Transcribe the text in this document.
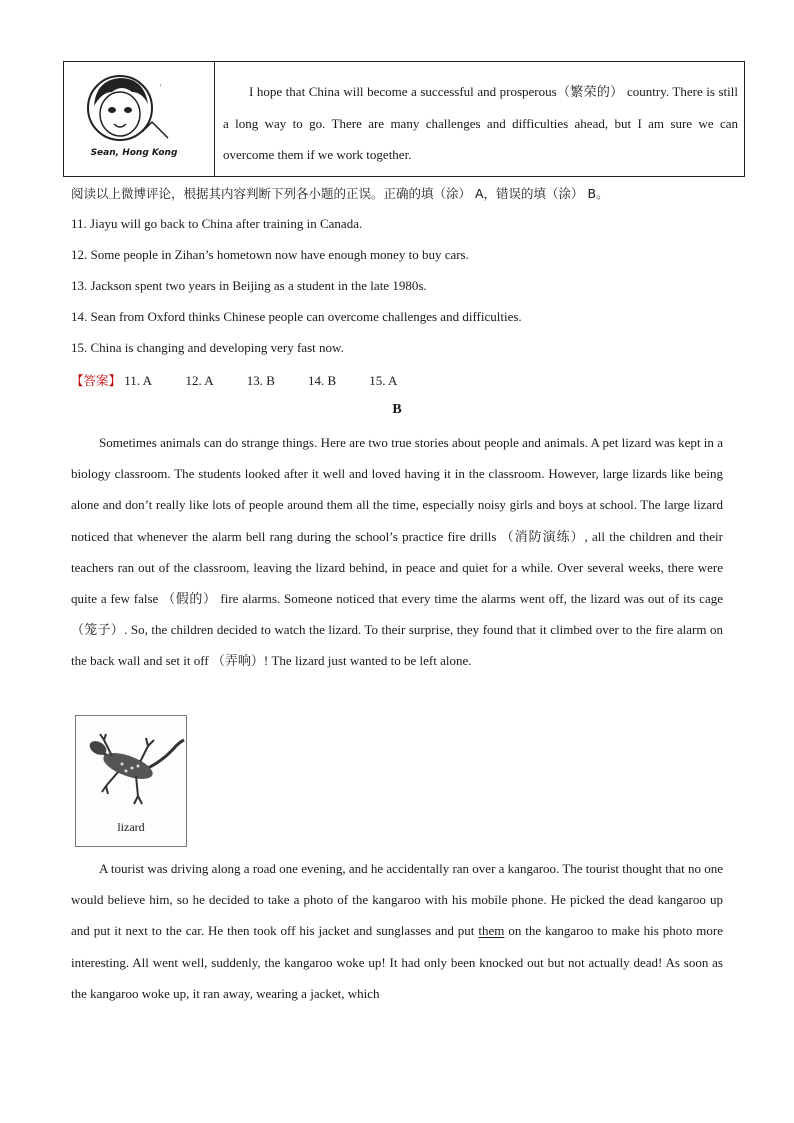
'
Sean, Hong Kong
I hope that China will become a successful and prosperous（繁荣的） country. There is still a long way to go. There are many challenges and difficulties ahead, but I am sure we can overcome them if we work together.
阅读以上微博评论，根据其内容判断下列各小题的正误。正确的填（涂） A，错误的填（涂） B。
11. Jiayu will go back to China after training in Canada.
12. Some people in Zihan’s hometown now have enough money to buy cars.
13. Jackson spent two years in Beijing as a student in the late 1980s.
14. Sean from Oxford thinks Chinese people can overcome challenges and difficulties.
15. China is changing and developing very fast now.
【答案】 11. A	12. A	13. B	14. B	15. A
B
Sometimes animals can do strange things. Here are two true stories about people and animals. A pet lizard was kept in a biology classroom. The students looked after it well and loved having it in the classroom. However, large lizards like being alone and don’t really like lots of people around them all the time, especially noisy girls and boys at school. The large lizard noticed that whenever the alarm bell rang during the school’s practice fire drills （消防演练）, all the children and their teachers ran out of the classroom, leaving the lizard behind, in peace and quiet for a while. Over several weeks, there were quite a few false （假的） fire alarms. Someone noticed that every time the alarms went off, the lizard was out of its cage （笼子）. So, the children decided to watch the lizard. To their surprise, they found that it climbed over to the fire alarm on the back wall and set it off （弄响）! The lizard just wanted to be left alone.
lizard
A tourist was driving along a road one evening, and he accidentally ran over a kangaroo. The tourist thought that no one would believe him, so he decided to take a photo of the kangaroo with his mobile phone. He picked the dead kangaroo up and put it next to the car. He then took off his jacket and sunglasses and put them on the kangaroo to make his photo more interesting. All went well, suddenly, the kangaroo woke up! It had only been knocked out but not actually dead! As soon as the kangaroo woke up, it ran away, wearing a jacket, which
